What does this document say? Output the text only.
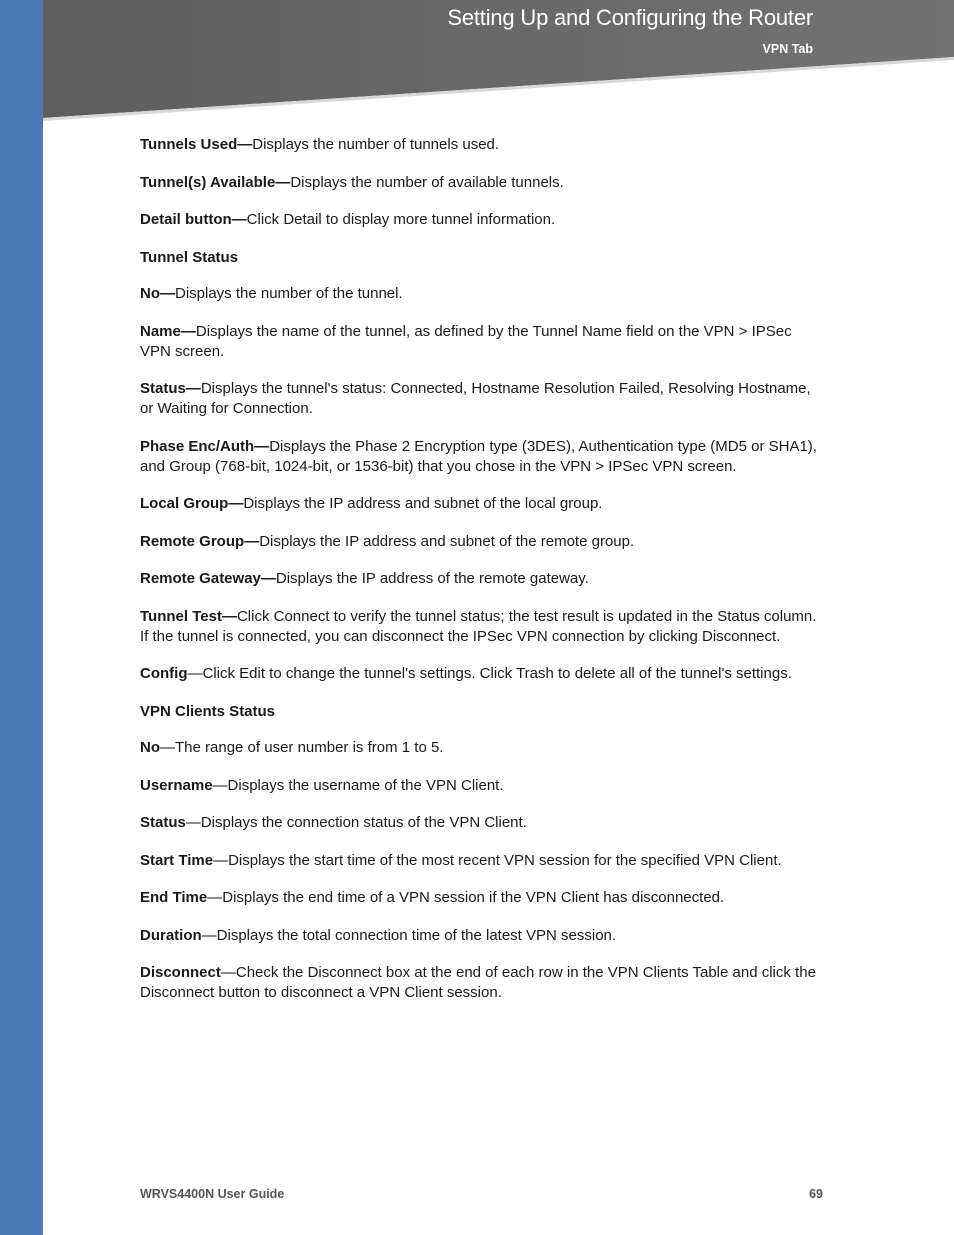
Setting Up and Configuring the Router
VPN Tab
Tunnels Used—Displays the number of tunnels used.
Tunnel(s) Available—Displays the number of available tunnels.
Detail button—Click Detail to display more tunnel information.
Tunnel Status
No—Displays the number of the tunnel.
Name—Displays the name of the tunnel, as defined by the Tunnel Name field on the VPN > IPSec VPN screen.
Status—Displays the tunnel's status: Connected, Hostname Resolution Failed, Resolving Hostname, or Waiting for Connection.
Phase Enc/Auth—Displays the Phase 2 Encryption type (3DES), Authentication type (MD5 or SHA1), and Group (768-bit, 1024-bit, or 1536-bit) that you chose in the VPN > IPSec VPN screen.
Local Group—Displays the IP address and subnet of the local group.
Remote Group—Displays the IP address and subnet of the remote group.
Remote Gateway—Displays the IP address of the remote gateway.
Tunnel Test—Click Connect to verify the tunnel status; the test result is updated in the Status column. If the tunnel is connected, you can disconnect the IPSec VPN connection by clicking Disconnect.
Config—Click Edit to change the tunnel's settings. Click Trash to delete all of the tunnel's settings.
VPN Clients Status
No—The range of user number is from 1 to 5.
Username—Displays the username of the VPN Client.
Status—Displays the connection status of the VPN Client.
Start Time—Displays the start time of the most recent VPN session for the specified VPN Client.
End Time—Displays the end time of a VPN session if the VPN Client has disconnected.
Duration—Displays the total connection time of the latest VPN session.
Disconnect—Check the Disconnect box at the end of each row in the VPN Clients Table and click the Disconnect button to disconnect a VPN Client session.
WRVS4400N User Guide	69
